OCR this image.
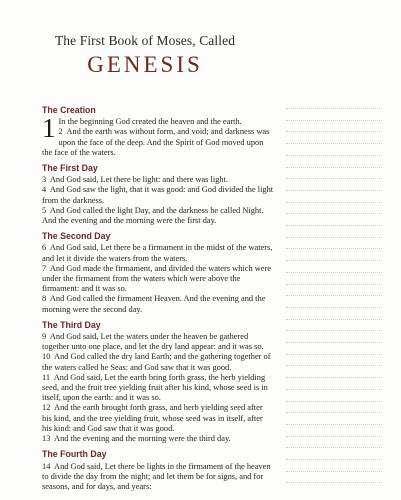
The First Book of Moses, Called
GENESIS
The Creation

1 In the beginning God created the heaven and the earth.

2 And the earth was without form, and void; and darkness was upon the face of the deep. And the Spirit of God moved upon the face of the waters.

The First Day

3 And God said, Let there be light: and there was light.

4 And God saw the light, that it was good: and God divided the light from the darkness.

5 And God called the light Day, and the darkness he called Night. And the evening and the morning were the first day.

The Second Day

6 And God said, Let there be a firmament in the midst of the waters, and let it divide the waters from the waters.

7 And God made the firmament, and divided the waters which were under the firmament from the waters which were above the firmament: and it was so.

8 And God called the firmament Heaven. And the evening and the morning were the second day.

The Third Day

9 And God said, Let the waters under the heaven be gathered together unto one place, and let the dry land appear: and it was so.

10 And God called the dry land Earth; and the gathering together of the waters called he Seas: and God saw that it was good.

11 And God said, Let the earth bring forth grass, the herb yielding seed, and the fruit tree yielding fruit after his kind, whose seed is in itself, upon the earth: and it was so.

12 And the earth brought forth grass, and herb yielding seed after his kind, and the tree yielding fruit, whose seed was in itself, after his kind: and God saw that it was good.

13 And the evening and the morning were the third day.

The Fourth Day

14 And God said, Let there be lights in the firmament of the heaven to divide the day from the night; and let them be for signs, and for seasons, and for days, and years:
